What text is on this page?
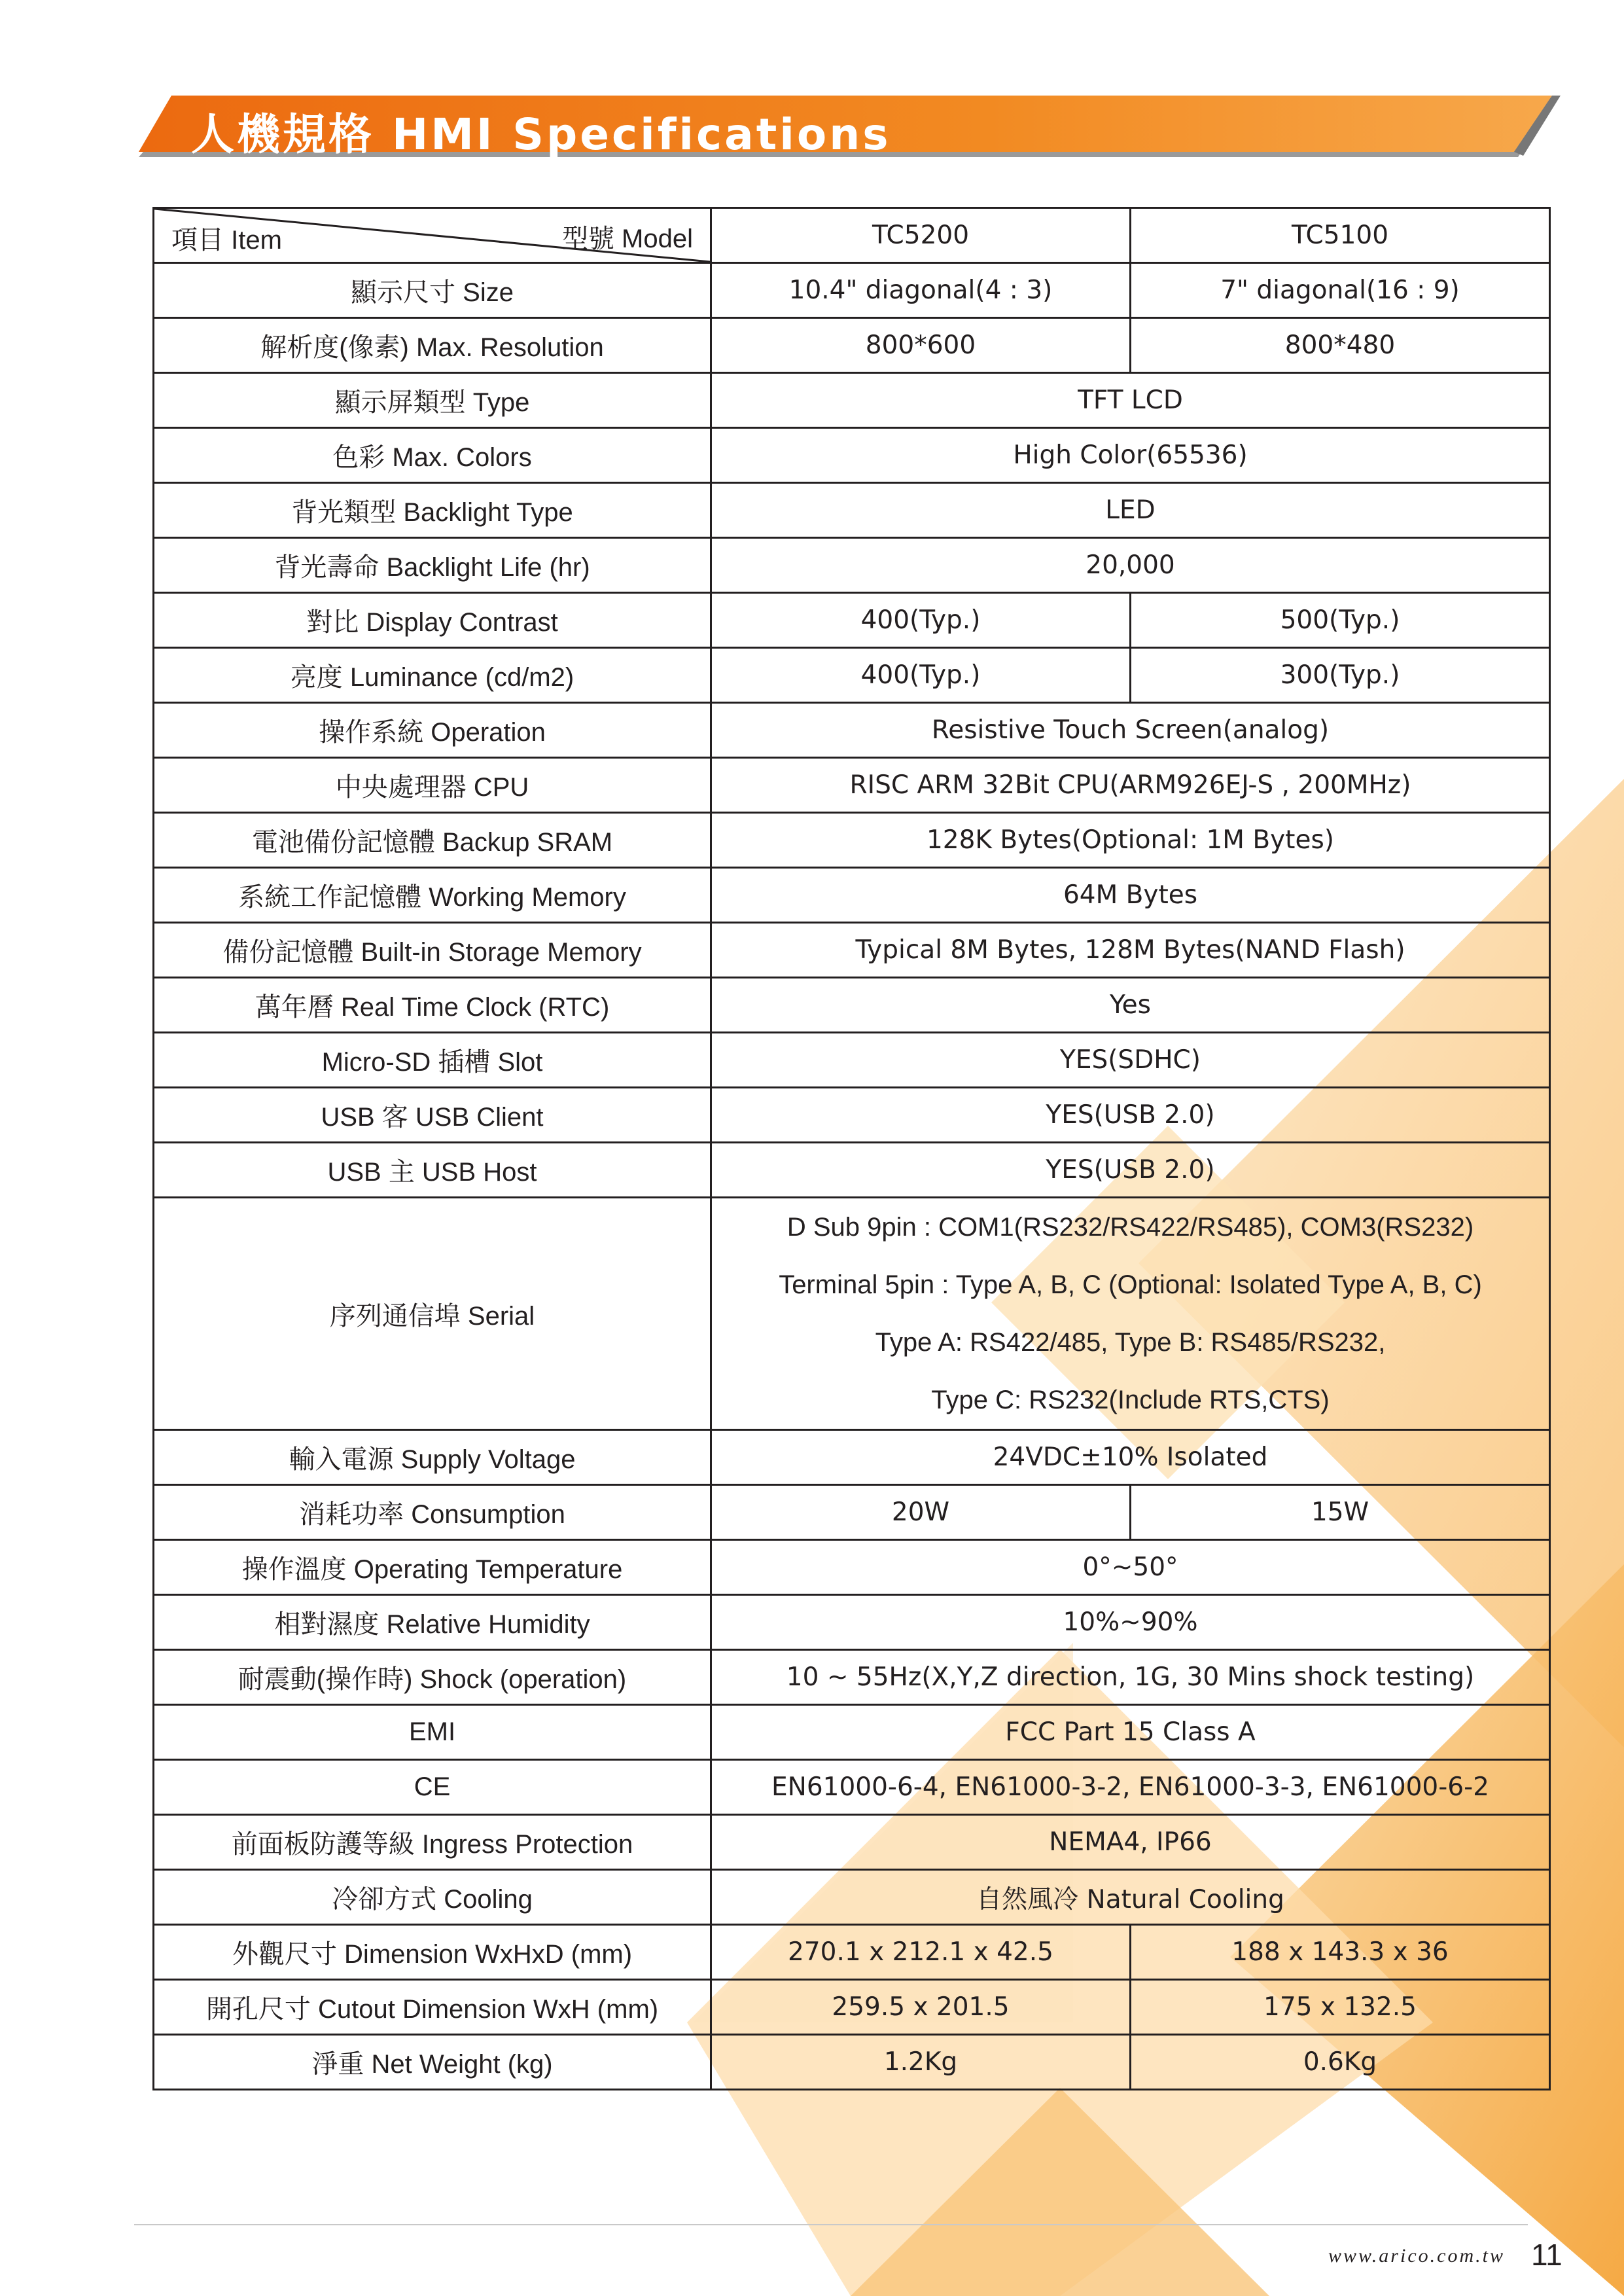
人機規格 HMI Specifications
型號 Model
項目 Item	TC5200	TC5100
顯示尺寸 Size	10.4" diagonal(4 : 3)	7" diagonal(16 : 9)
解析度(像素) Max. Resolution	800*600	800*480
顯示屏類型 Type	TFT LCD	
色彩 Max. Colors	High Color(65536)	
背光類型 Backlight Type	LED	
背光壽命 Backlight Life (hr)	20,000	
對比 Display Contrast	400(Typ.)	500(Typ.)
亮度 Luminance (cd/m2)	400(Typ.)	300(Typ.)
操作系統 Operation	Resistive Touch Screen(analog)	
中央處理器 CPU	RISC ARM 32Bit CPU(ARM926EJ-S , 200MHz)	
電池備份記憶體 Backup SRAM	128K Bytes(Optional: 1M Bytes)	
系統工作記憶體 Working Memory	64M Bytes	
備份記憶體 Built-in Storage Memory	Typical 8M Bytes, 128M Bytes(NAND Flash)	
萬年曆 Real Time Clock (RTC)	Yes	
Micro-SD 插槽 Slot	YES(SDHC)	
USB 客 USB Client	YES(USB 2.0)	
USB 主 USB Host	YES(USB 2.0)	
序列通信埠 Serial	D Sub 9pin : COM1(RS232/RS422/RS485), COM3(RS232)
Terminal 5pin : Type A, B, C (Optional: Isolated Type A, B, C)
Type A: RS422/485, Type B: RS485/RS232,
Type C: RS232(Include RTS,CTS)	

輸入電源 Supply Voltage	24VDC±10% Isolated	
消耗功率 Consumption	20W	15W
操作溫度 Operating Temperature	0°~50°	
相對濕度 Relative Humidity	10%~90%	
耐震動(操作時) Shock (operation)	10 ~ 55Hz(X,Y,Z direction, 1G, 30 Mins shock testing)	
EMI	FCC Part 15 Class A	
CE	EN61000-6-4, EN61000-3-2, EN61000-3-3, EN61000-6-2	
前面板防護等級 Ingress Protection	NEMA4, IP66	
冷卻方式 Cooling	自然風冷 Natural Cooling	
外觀尺寸 Dimension WxHxD (mm)	270.1 x 212.1 x 42.5	188 x 143.3 x 36
開孔尺寸 Cutout Dimension WxH (mm)	259.5 x 201.5	175 x 132.5
淨重 Net Weight (kg)	1.2Kg	0.6Kg
www.arico.com.tw 11
